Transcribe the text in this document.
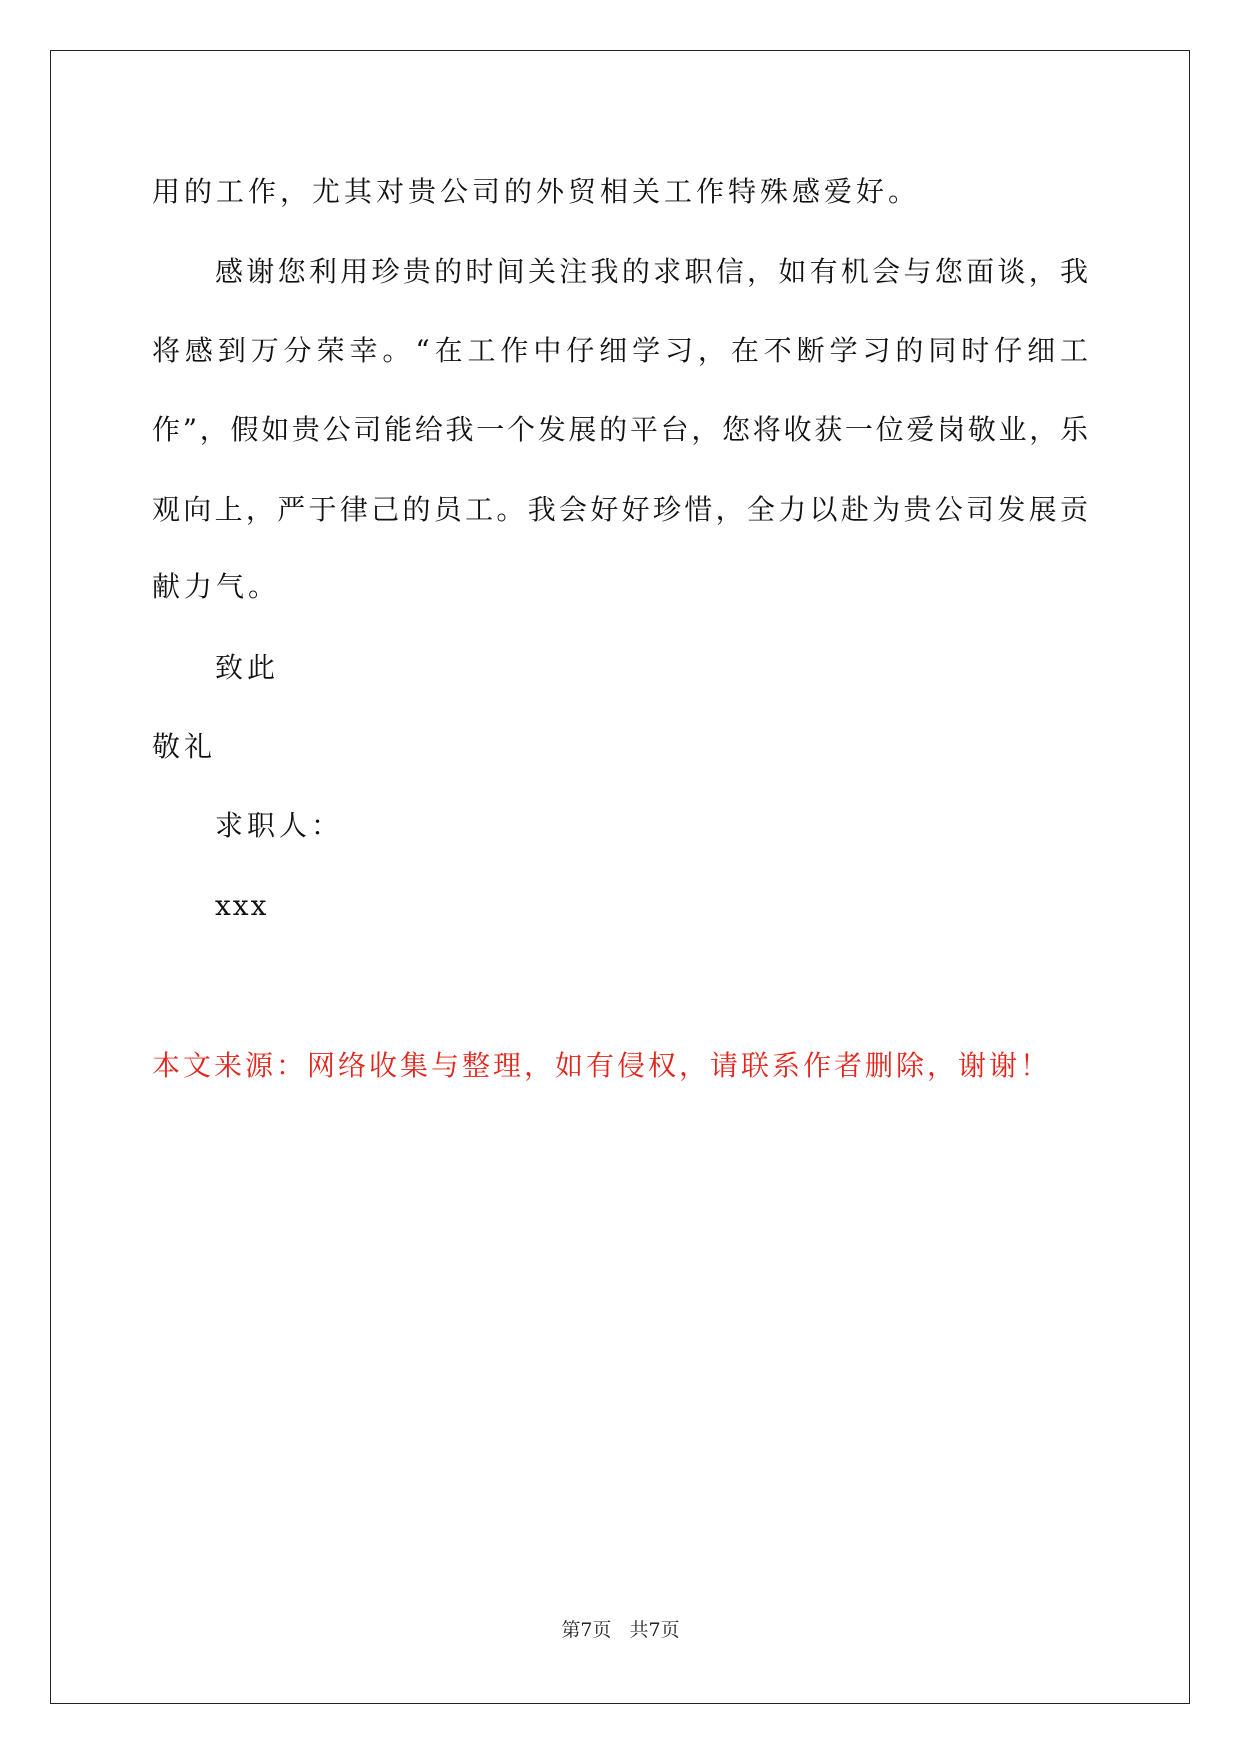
用的工作，尤其对贵公司的外贸相关工作特殊感爱好。
感谢您利用珍贵的时间关注我的求职信，如有机会与您面谈，我
将感到万分荣幸。“在工作中仔细学习，在不断学习的同时仔细工
作”，假如贵公司能给我一个发展的平台，您将收获一位爱岗敬业，乐
观向上，严于律己的员工。我会好好珍惜，全力以赴为贵公司发展贡
献力气。
致此
敬礼
求职人：
xxx
本文来源：网络收集与整理，如有侵权，请联系作者删除，谢谢！
第7页   共7页
